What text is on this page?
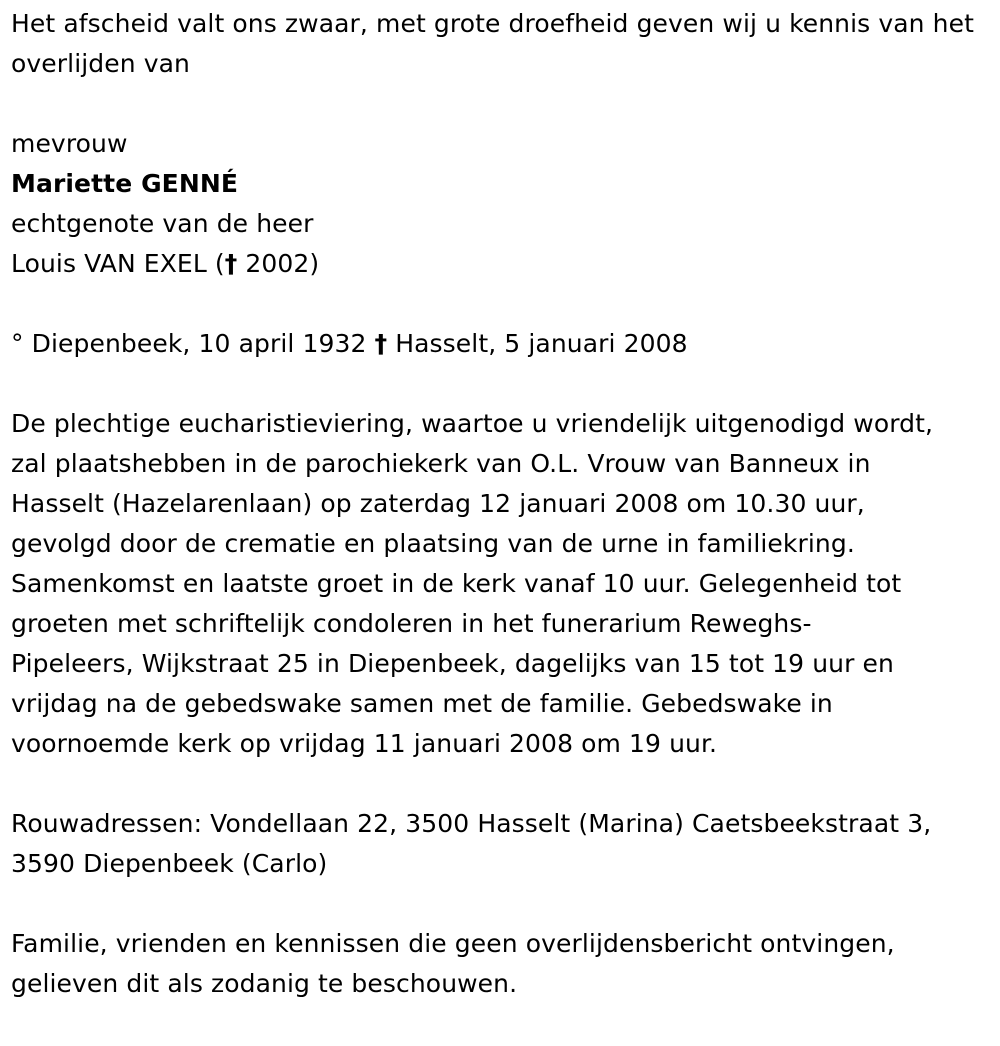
Het afscheid valt ons zwaar, met grote droefheid geven wij u kennis van het overlijden van

mevrouw

Mariette GENNÉ

echtgenote van de heer

Louis VAN EXEL († 2002)

° Diepenbeek, 10 april 1932 † Hasselt, 5 januari 2008

De plechtige eucharistieviering, waartoe u vriendelijk uitgenodigd wordt,

zal plaatshebben in de parochiekerk van O.L. Vrouw van Banneux in

Hasselt (Hazelarenlaan) op zaterdag 12 januari 2008 om 10.30 uur,

gevolgd door de crematie en plaatsing van de urne in familiekring.

Samenkomst en laatste groet in de kerk vanaf 10 uur. Gelegenheid tot

groeten met schriftelijk condoleren in het funerarium Reweghs-

Pipeleers, Wijkstraat 25 in Diepenbeek, dagelijks van 15 tot 19 uur en

vrijdag na de gebedswake samen met de familie. Gebedswake in

voornoemde kerk op vrijdag 11 januari 2008 om 19 uur.

Rouwadressen: Vondellaan 22, 3500 Hasselt (Marina) Caetsbeekstraat 3,

3590 Diepenbeek (Carlo)

Familie, vrienden en kennissen die geen overlijdensbericht ontvingen,

gelieven dit als zodanig te beschouwen.
